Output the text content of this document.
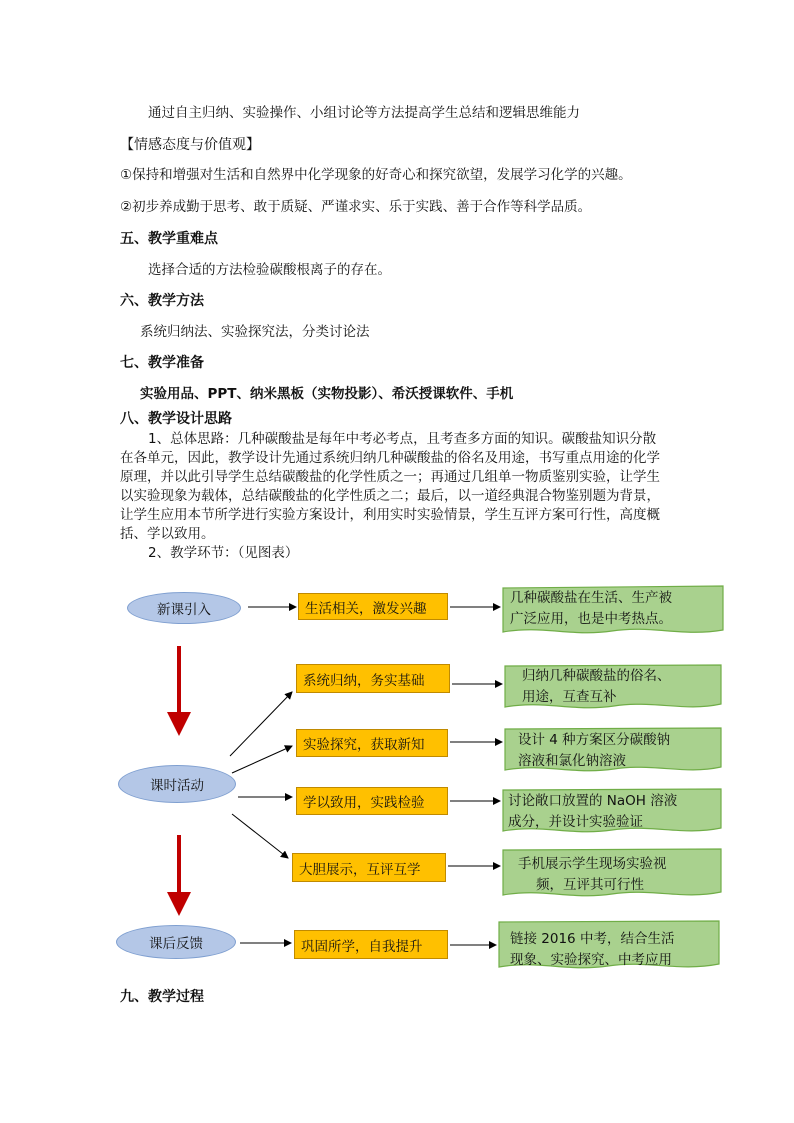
通过自主归纳、实验操作、小组讨论等方法提高学生总结和逻辑思维能力
【情感态度与价值观】
①保持和增强对生活和自然界中化学现象的好奇心和探究欲望，发展学习化学的兴趣。
②初步养成勤于思考、敢于质疑、严谨求实、乐于实践、善于合作等科学品质。
五、教学重难点
选择合适的方法检验碳酸根离子的存在。
六、教学方法
系统归纳法、实验探究法，分类讨论法
七、教学准备
实验用品、PPT、纳米黑板（实物投影）、希沃授课软件、手机
八、教学设计思路
1、总体思路：几种碳酸盐是每年中考必考点，且考查多方面的知识。碳酸盐知识分散
在各单元，因此，教学设计先通过系统归纳几种碳酸盐的俗名及用途，书写重点用途的化学
原理，并以此引导学生总结碳酸盐的化学性质之一；再通过几组单一物质鉴别实验，让学生
以实验现象为载体，总结碳酸盐的化学性质之二；最后，以一道经典混合物鉴别题为背景，
让学生应用本节所学进行实验方案设计，利用实时实验情景，学生互评方案可行性，高度概
括、学以致用。
2、教学环节：（见图表）
新课引入
课时活动
课后反馈
生活相关，激发兴趣
系统归纳，务实基础
实验探究，获取新知
学以致用，实践检验
大胆展示，互评互学
巩固所学，自我提升
几种碳酸盐在生活、生产被
广泛应用，也是中考热点。
归纳几种碳酸盐的俗名、
用途，互查互补
设计 4 种方案区分碳酸钠
溶液和氯化钠溶液
讨论敞口放置的 NaOH 溶液
成分，并设计实验验证
手机展示学生现场实验视
频，互评其可行性
链接 2016 中考，结合生活
现象、实验探究、中考应用
九、教学过程
